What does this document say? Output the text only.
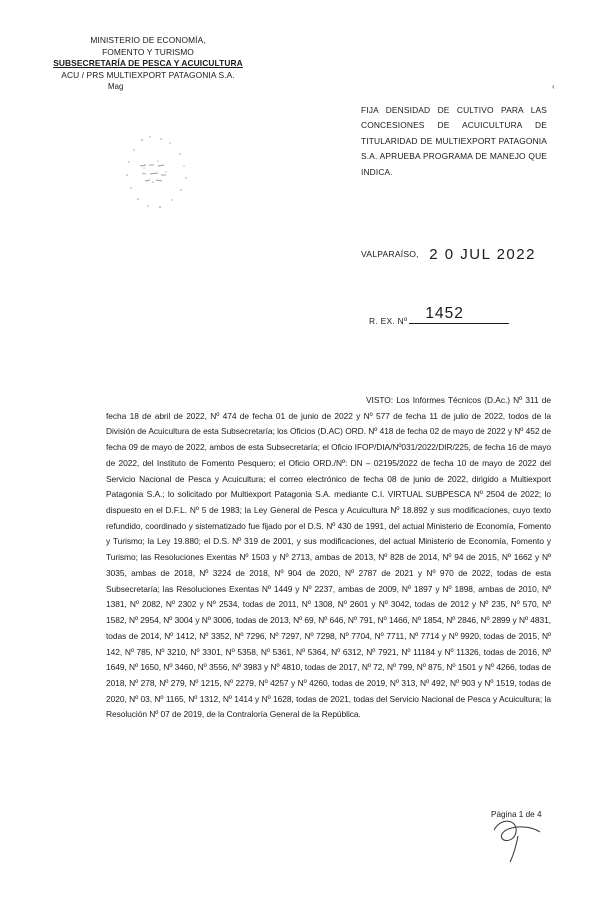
MINISTERIO DE ECONOMÍA,
FOMENTO Y TURISMO
SUBSECRETARÍA DE PESCA Y ACUICULTURA
ACU / PRS MULTIEXPORT PATAGONIA S.A.
Mag	‹
FIJA DENSIDAD DE CULTIVO PARA LAS CONCESIONES DE ACUICULTURA DE TITULARIDAD DE MULTIEXPORT PATAGONIA S.A. APRUEBA PROGRAMA DE MANEJO QUE INDICA.
VALPARAÍSO, 2 0 JUL 2022
R. EX. Nº 1452
VISTO: Los Informes Técnicos (D.Ac.) Nº 311 de fecha 18 de abril de 2022, Nº 474 de fecha 01 de junio de 2022 y Nº 577 de fecha 11 de julio de 2022, todos de la División de Acuicultura de esta Subsecretaría; los Oficios (D.AC) ORD. Nº 418 de fecha 02 de mayo de 2022 y Nº 452 de fecha 09 de mayo de 2022, ambos de esta Subsecretaría; el Oficio IFOP/DIA/Nº031/2022/DIR/225, de fecha 16 de mayo de 2022, del Instituto de Fomento Pesquero; el Oficio ORD./Nº: DN – 02195/2022 de fecha 10 de mayo de 2022 del Servicio Nacional de Pesca y Acuicultura; el correo electrónico de fecha 08 de junio de 2022, dirigido a Multiexport Patagonia S.A.; lo solicitado por Multiexport Patagonia S.A. mediante C.I. VIRTUAL SUBPESCA Nº 2504 de 2022; lo dispuesto en el D.F.L. Nº 5 de 1983; la Ley General de Pesca y Acuicultura Nº 18.892 y sus modificaciones, cuyo texto refundido, coordinado y sistematizado fue fijado por el D.S. Nº 430 de 1991, del actual Ministerio de Economía, Fomento y Turismo; la Ley 19.880; el D.S. Nº 319 de 2001, y sus modificaciones, del actual Ministerio de Economía, Fomento y Turismo; las Resoluciones Exentas Nº 1503 y Nº 2713, ambas de 2013, Nº 828 de 2014, Nº 94 de 2015, Nº 1662 y Nº 3035, ambas de 2018, Nº 3224 de 2018, Nº 904 de 2020, Nº 2787 de 2021 y Nº 970 de 2022, todas de esta Subsecretaría; las Resoluciones Exentas Nº 1449 y Nº 2237, ambas de 2009, Nº 1897 y Nº 1898, ambas de 2010, Nº 1381, Nº 2082, Nº 2302 y Nº 2534, todas de 2011, Nº 1308, Nº 2601 y Nº 3042, todas de 2012 y Nº 235, Nº 570, Nº 1582, Nº 2954, Nº 3004 y Nº 3006, todas de 2013, Nº 69, Nº 646, Nº 791, Nº 1466, Nº 1854, Nº 2846, Nº 2899 y Nº 4831, todas de 2014, Nº 1412, Nº 3352, Nº 7296, Nº 7297, Nº 7298, Nº 7704, Nº 7711, Nº 7714 y Nº 9920, todas de 2015, Nº 142, Nº 785, Nº 3210, Nº 3301, Nº 5358, Nº 5361, Nº 5364, Nº 6312, Nº 7921, Nº 11184 y Nº 11326, todas de 2016, Nº 1649, Nº 1650, Nº 3460, Nº 3556, Nº 3983 y Nº 4810, todas de 2017, Nº 72, Nº 799, Nº 875, Nº 1501 y Nº 4266, todas de 2018, Nº 278, Nº 279, Nº 1215, Nº 2279, Nº 4257 y Nº 4260, todas de 2019, Nº 313, Nº 492, Nº 903 y Nº 1519, todas de 2020, Nº 03, Nº 1165, Nº 1312, Nº 1414 y Nº 1628, todas de 2021, todas del Servicio Nacional de Pesca y Acuicultura; la Resolución Nº 07 de 2019, de la Contraloría General de la República.
Página 1 de 4
